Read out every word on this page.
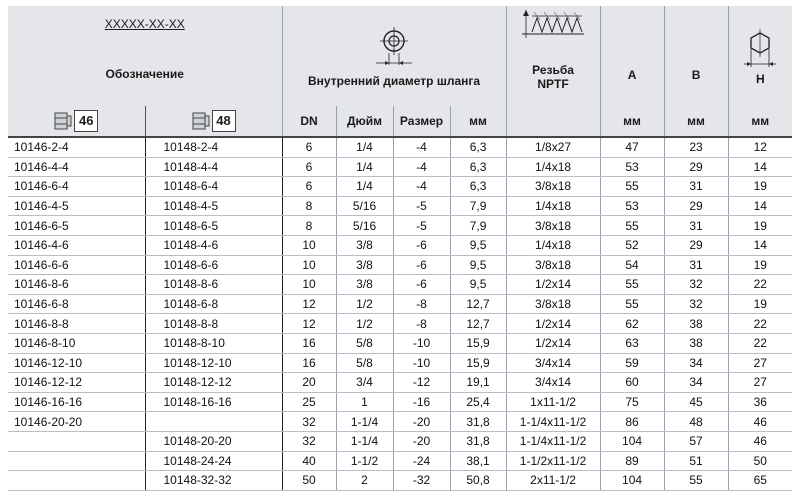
XXXXX-XX-XX
Обозначение		Внутренний диаметр шланга				Резьба NPTF	A	B	H

46	48	DN	Дюйм	Размер	мм		мм	мм	мм
10146-2-4	10148-2-4	6	1/4	-4	6,3	1/8x27	47	23	12
10146-4-4	10148-4-4	6	1/4	-4	6,3	1/4x18	53	29	14
10146-6-4	10148-6-4	6	1/4	-4	6,3	3/8x18	55	31	19
10146-4-5	10148-4-5	8	5/16	-5	7,9	1/4x18	53	29	14
10146-6-5	10148-6-5	8	5/16	-5	7,9	3/8x18	55	31	19
10146-4-6	10148-4-6	10	3/8	-6	9,5	1/4x18	52	29	14
10146-6-6	10148-6-6	10	3/8	-6	9,5	3/8x18	54	31	19
10146-8-6	10148-8-6	10	3/8	-6	9,5	1/2x14	55	32	22
10146-6-8	10148-6-8	12	1/2	-8	12,7	3/8x18	55	32	19
10146-8-8	10148-8-8	12	1/2	-8	12,7	1/2x14	62	38	22
10146-8-10	10148-8-10	16	5/8	-10	15,9	1/2x14	63	38	22
10146-12-10	10148-12-10	16	5/8	-10	15,9	3/4x14	59	34	27
10146-12-12	10148-12-12	20	3/4	-12	19,1	3/4x14	60	34	27
10146-16-16	10148-16-16	25	1	-16	25,4	1x11-1/2	75	45	36
10146-20-20		32	1-1/4	-20	31,8	1-1/4x11-1/2	86	48	46
	10148-20-20	32	1-1/4	-20	31,8	1-1/4x11-1/2	104	57	46
	10148-24-24	40	1-1/2	-24	38,1	1-1/2x11-1/2	89	51	50
	10148-32-32	50	2	-32	50,8	2x11-1/2	104	55	65
